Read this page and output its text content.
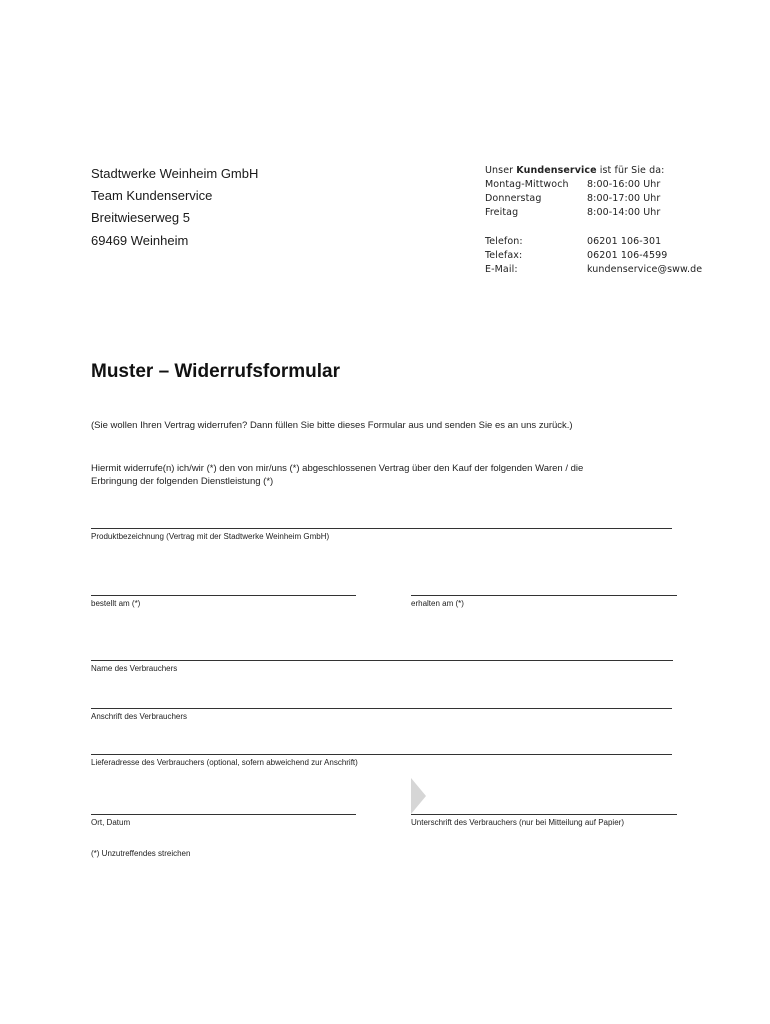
Stadtwerke Weinheim GmbH
Team Kundenservice
Breitwieserweg 5
69469 Weinheim
Unser Kundenservice ist für Sie da:
Montag-Mittwoch 8:00-16:00 Uhr
Donnerstag	8:00-17:00 Uhr
Freitag	8:00-14:00 Uhr
Telefon:	06201 106-301
Telefax:	06201 106-4599
E-Mail:	kundenservice@sww.de
Muster – Widerrufsformular
(Sie wollen Ihren Vertrag widerrufen? Dann füllen Sie bitte dieses Formular aus und senden Sie es an uns zurück.)
Hiermit widerrufe(n) ich/wir (*) den von mir/uns (*) abgeschlossenen Vertrag über den Kauf der folgenden Waren / die
Erbringung der folgenden Dienstleistung (*)
Produktbezeichnung (Vertrag mit der Stadtwerke Weinheim GmbH)
bestellt am (*)	erhalten am (*)
Name des Verbrauchers
Anschrift des Verbrauchers
Lieferadresse des Verbrauchers (optional, sofern abweichend zur Anschrift)
Ort, Datum	Unterschrift des Verbrauchers (nur bei Mitteilung auf Papier)
(*) Unzutreffendes streichen
